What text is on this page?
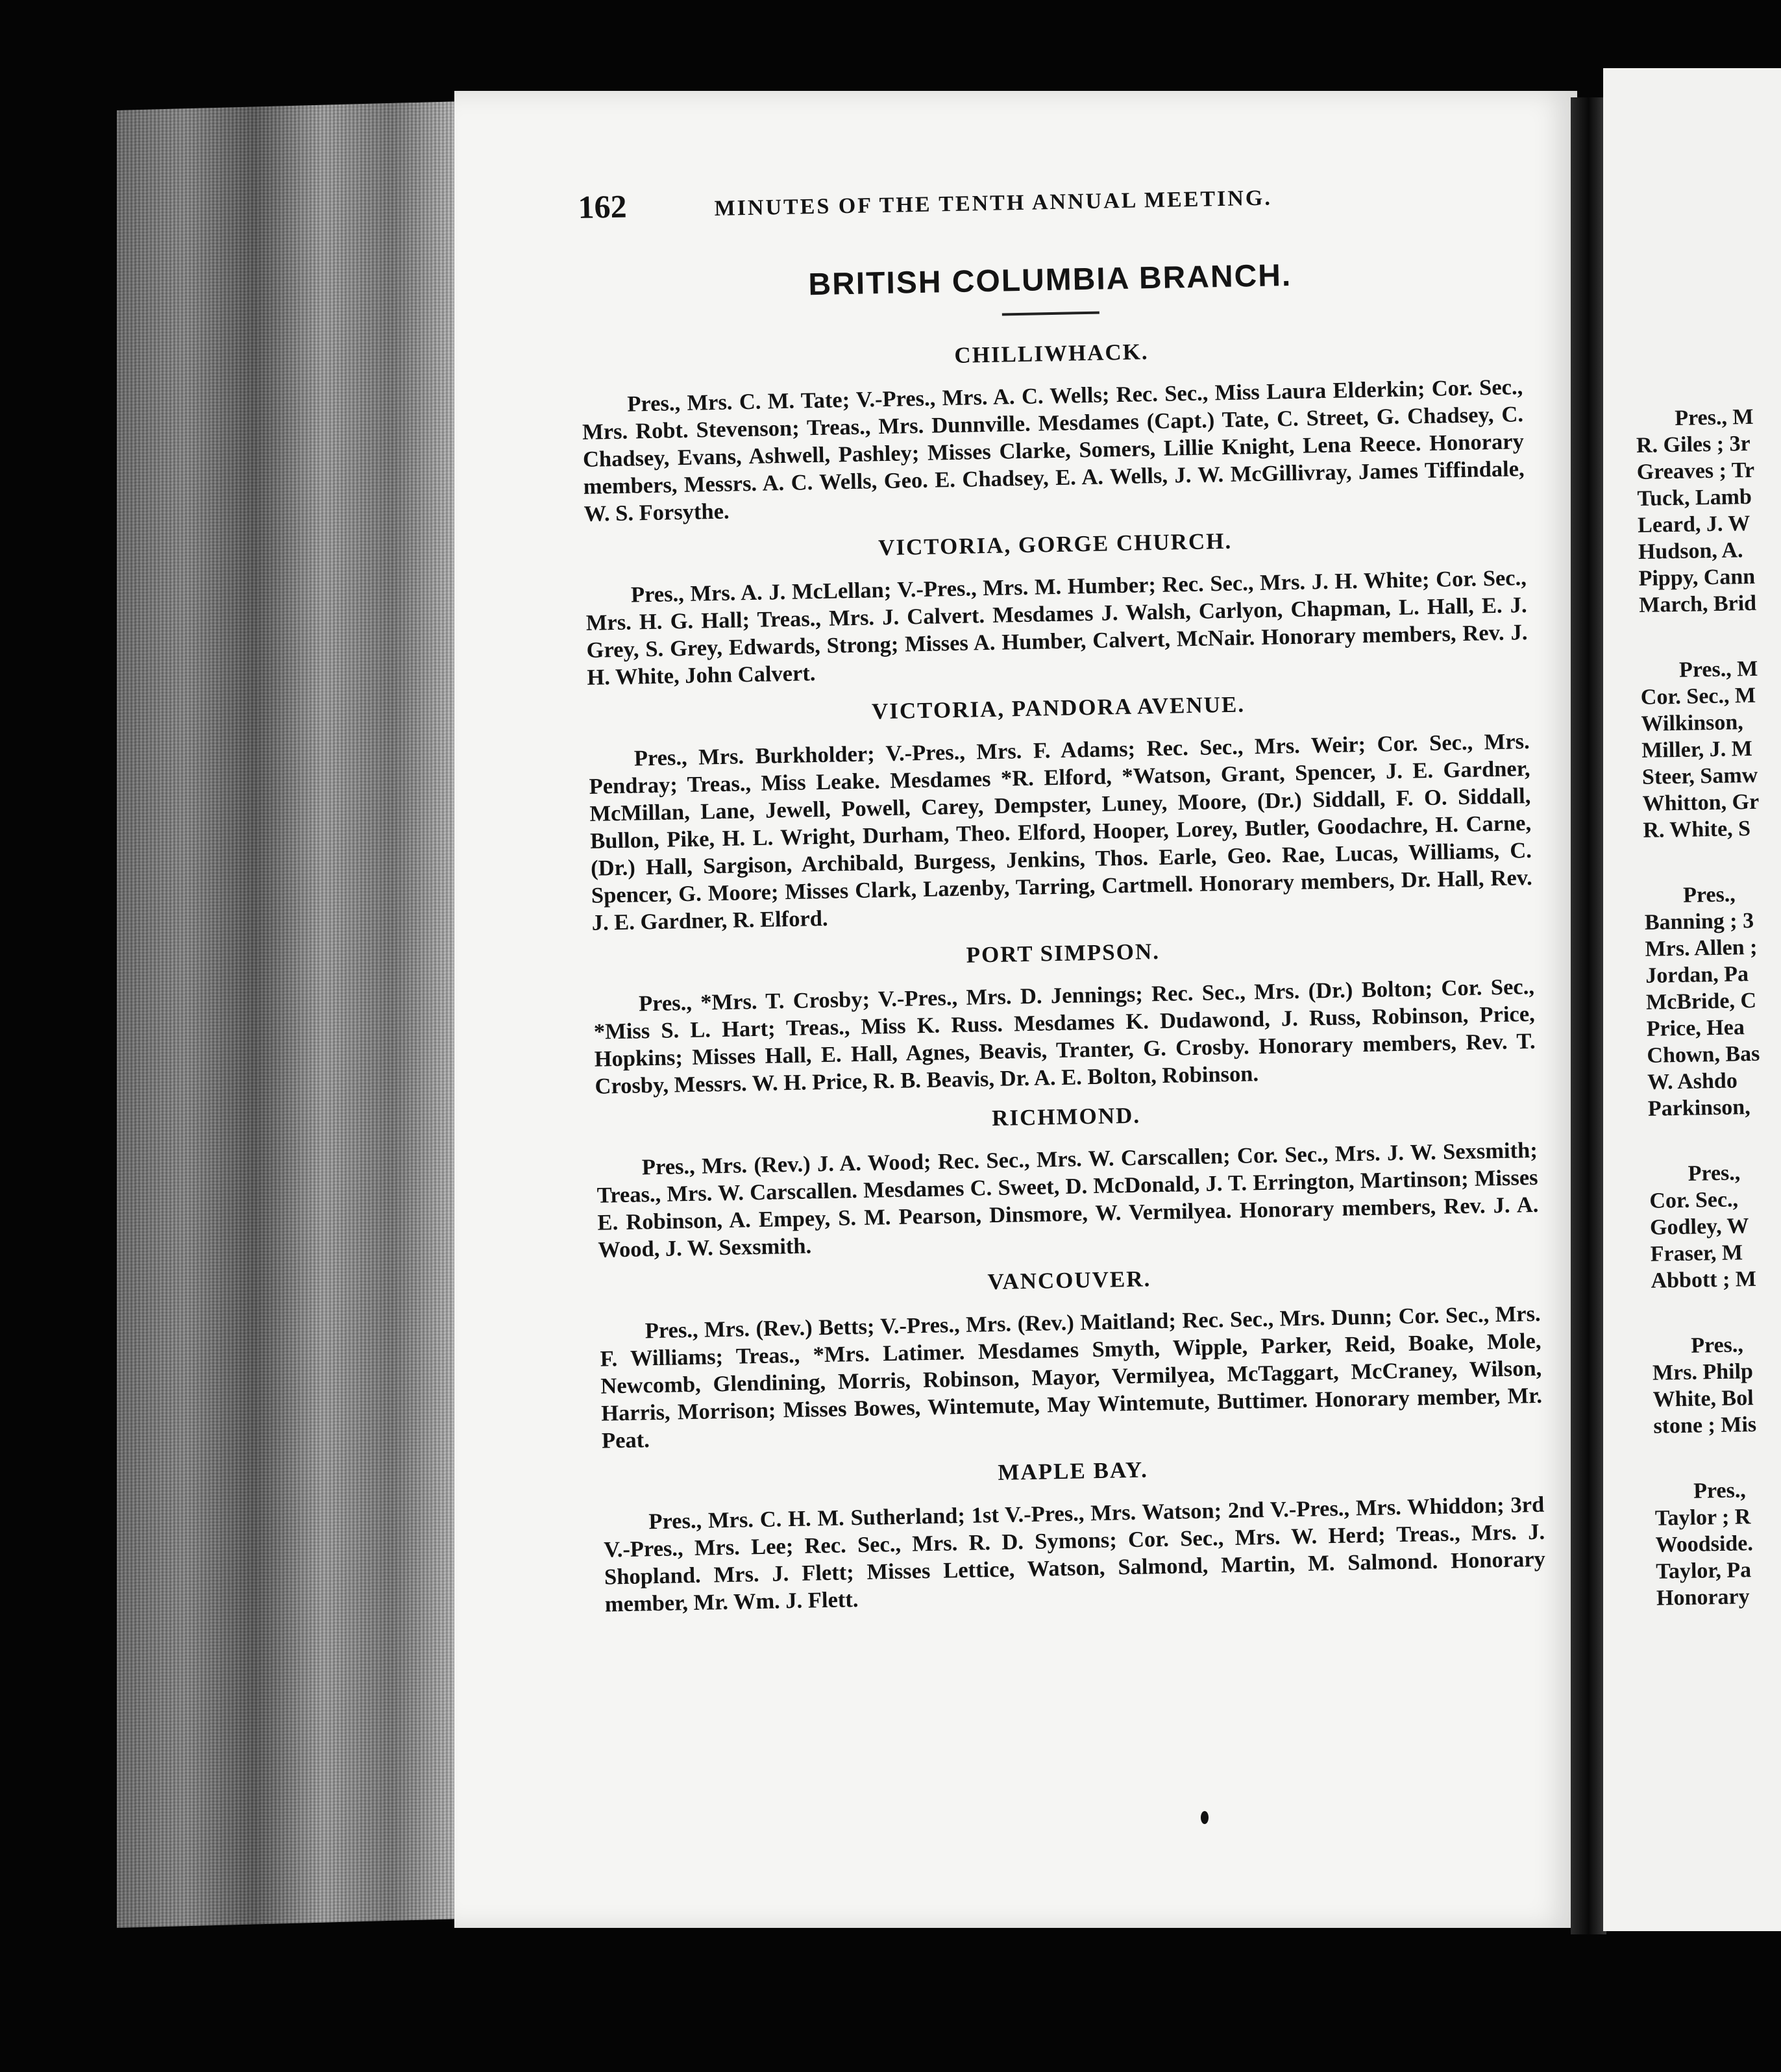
162	MINUTES OF THE TENTH ANNUAL MEETING.
BRITISH COLUMBIA BRANCH.
CHILLIWHACK.

Pres., Mrs. C. M. Tate; V.-Pres., Mrs. A. C. Wells; Rec. Sec., Miss Laura Elderkin; Cor. Sec., Mrs. Robt. Stevenson; Treas., Mrs. Dunnville. Mesdames (Capt.) Tate, C. Street, G. Chadsey, C. Chadsey, Evans, Ashwell, Pashley; Misses Clarke, Somers, Lillie Knight, Lena Reece. Honorary members, Messrs. A. C. Wells, Geo. E. Chadsey, E. A. Wells, J. W. McGillivray, James Tiffindale, W. S. Forsythe.

VICTORIA, GORGE CHURCH.

Pres., Mrs. A. J. McLellan; V.-Pres., Mrs. M. Humber; Rec. Sec., Mrs. J. H. White; Cor. Sec., Mrs. H. G. Hall; Treas., Mrs. J. Calvert. Mesdames J. Walsh, Carlyon, Chapman, L. Hall, E. J. Grey, S. Grey, Edwards, Strong; Misses A. Humber, Calvert, McNair. Honorary members, Rev. J. H. White, John Calvert.

VICTORIA, PANDORA AVENUE.

Pres., Mrs. Burkholder; V.-Pres., Mrs. F. Adams; Rec. Sec., Mrs. Weir; Cor. Sec., Mrs. Pendray; Treas., Miss Leake. Mesdames *R. Elford, *Watson, Grant, Spencer, J. E. Gardner, McMillan, Lane, Jewell, Powell, Carey, Dempster, Luney, Moore, (Dr.) Siddall, F. O. Siddall, Bullon, Pike, H. L. Wright, Durham, Theo. Elford, Hooper, Lorey, Butler, Goodachre, H. Carne, (Dr.) Hall, Sargison, Archibald, Burgess, Jenkins, Thos. Earle, Geo. Rae, Lucas, Williams, C. Spencer, G. Moore; Misses Clark, Lazenby, Tarring, Cartmell. Honorary members, Dr. Hall, Rev. J. E. Gardner, R. Elford.

PORT SIMPSON.

Pres., *Mrs. T. Crosby; V.-Pres., Mrs. D. Jennings; Rec. Sec., Mrs. (Dr.) Bolton; Cor. Sec., *Miss S. L. Hart; Treas., Miss K. Russ. Mesdames K. Dudawond, J. Russ, Robinson, Price, Hopkins; Misses Hall, E. Hall, Agnes, Beavis, Tranter, G. Crosby. Honorary members, Rev. T. Crosby, Messrs. W. H. Price, R. B. Beavis, Dr. A. E. Bolton, Robinson.

RICHMOND.

Pres., Mrs. (Rev.) J. A. Wood; Rec. Sec., Mrs. W. Carscallen; Cor. Sec., Mrs. J. W. Sexsmith; Treas., Mrs. W. Carscallen. Mesdames C. Sweet, D. McDonald, J. T. Errington, Martinson; Misses E. Robinson, A. Empey, S. M. Pearson, Dinsmore, W. Vermilyea. Honorary members, Rev. J. A. Wood, J. W. Sexsmith.

VANCOUVER.

Pres., Mrs. (Rev.) Betts; V.-Pres., Mrs. (Rev.) Maitland; Rec. Sec., Mrs. Dunn; Cor. Sec., Mrs. F. Williams; Treas., *Mrs. Latimer. Mesdames Smyth, Wipple, Parker, Reid, Boake, Mole, Newcomb, Glendining, Morris, Robinson, Mayor, Vermilyea, McTaggart, McCraney, Wilson, Harris, Morrison; Misses Bowes, Wintemute, May Wintemute, Buttimer. Honorary member, Mr. Peat.

MAPLE BAY.

Pres., Mrs. C. H. M. Sutherland; 1st V.-Pres., Mrs. Watson; 2nd V.-Pres., Mrs. Whiddon; 3rd V.-Pres., Mrs. Lee; Rec. Sec., Mrs. R. D. Symons; Cor. Sec., Mrs. W. Herd; Treas., Mrs. J. Shopland. Mrs. J. Flett; Misses Lettice, Watson, Salmond, Martin, M. Salmond. Honorary member, Mr. Wm. J. Flett.

Pres., M
R. Giles ; 3r
Greaves ; Tr
Tuck, Lamb
Leard, J. W
Hudson, A.
Pippy, Cann
March, Brid
Pres., M
Cor. Sec., M
Wilkinson,
Miller, J. M
Steer, Samw
Whitton, Gr
R. White, S
Pres.,
Banning ; 3
Mrs. Allen ;
Jordan, Pa
McBride, C
Price, Hea
Chown, Bas
W. Ashdo
Parkinson,
Pres.,
Cor. Sec.,
Godley, W
Fraser, M
Abbott ; M
Pres.,
Mrs. Philp
White, Bol
stone ; Mis
Pres.,
Taylor ; R
Woodside.
Taylor, Pa
Honorary
